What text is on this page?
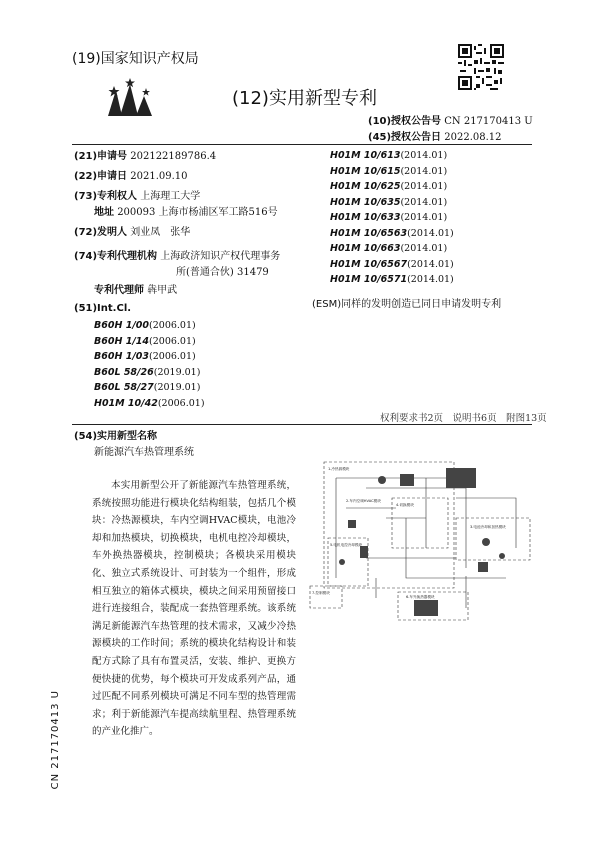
(19)国家知识产权局
(12)实用新型专利
(10)授权公告号 CN 217170413 U
(45)授权公告日 2022.08.12
(21)申请号 202122189786.4
(22)申请日 2021.09.10
(73)专利权人 上海理工大学
地址 200093 上海市杨浦区军工路516号
(72)发明人 刘业凤　张华
(74)专利代理机构 上海政济知识产权代理事务
所(普通合伙) 31479
专利代理师 犇甲武
(51)Int.Cl.
B60H 1/00(2006.01)
B60H 1/14(2006.01)
B60H 1/03(2006.01)
B60L 58/26(2019.01)
B60L 58/27(2019.01)
H01M 10/42(2006.01)
H01M 10/613(2014.01)
H01M 10/615(2014.01)
H01M 10/625(2014.01)
H01M 10/635(2014.01)
H01M 10/633(2014.01)
H01M 10/6563(2014.01)
H01M 10/663(2014.01)
H01M 10/6567(2014.01)
H01M 10/6571(2014.01)
(ESM)同样的发明创造已同日申请发明专利
权利要求书2页　说明书6页　附图13页
(54)实用新型名称
新能源汽车热管理系统
本实用新型公开了新能源汽车热管理系统，系统按照功能进行模块化结构组装，包括几个模块：冷热源模块，车内空调HVAC模块，电池冷却和加热模块，切换模块，电机电控冷却模块，车外换热器模块，控制模块；各模块采用模块化、独立式系统设计、可封装为一个组件，形成相互独立的箱体式模块，模块之间采用预留接口进行连接组合，装配成一套热管理系统。该系统满足新能源汽车热管理的技术需求，又减少冷热源模块的工作时间；系统的模块化结构设计和装配方式除了具有布置灵活，安装、维护、更换方便快捷的优势，每个模块可开发成系列产品，通过匹配不同系列模块可满足不同车型的热管理需求；利于新能源汽车提高续航里程、热管理系统的产业化推广。
CN 217170413 U
1.冷热源模块
2.车内空调HVAC模块
3.电池冷却和加热模块
4.切换模块
5.电机电控冷却模块
6.车外换热器模块
7.控制模块
